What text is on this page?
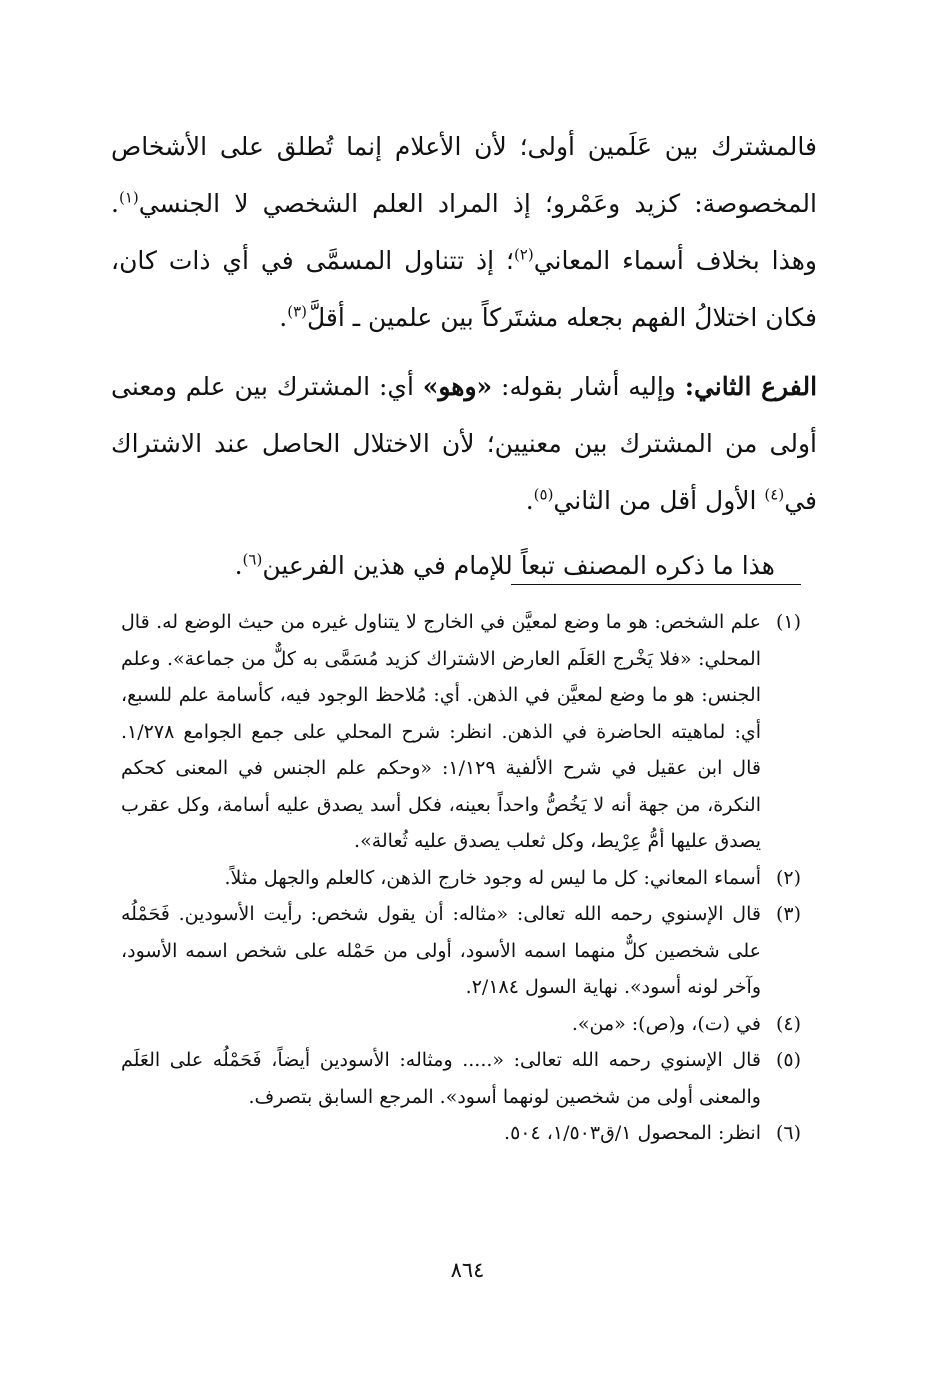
فالمشترك بين عَلَمين أولى؛ لأن الأعلام إنما تُطلق على الأشخاص المخصوصة: كزيد وعَمْرو؛ إذ المراد العلم الشخصي لا الجنسي$^{(١)}$. وهذا بخلاف أسماء المعاني$^{(٢)}$؛ إذ تتناول المسمَّى في أي ذات كان، فكان اختلالُ الفهم بجعله مشتَركاً بين علمين ـ أقلَّ$^{(٣)}$.

الفرع الثاني: وإليه أشار بقوله: «وهو» أي: المشترك بين علم ومعنى أولى من المشترك بين معنيين؛ لأن الاختلال الحاصل عند الاشتراك في$^{(٤)}$ الأول أقل من الثاني$^{(٥)}$.

هذا ما ذكره المصنف تبعاً للإمام في هذين الفرعين$^{(٦)}$.

(١)
علم الشخص: هو ما وضع لمعيَّن في الخارج لا يتناول غيره من حيث الوضع له. قال المحلي: «فلا يَخْرج العَلَم العارض الاشتراك كزيد مُسَمَّى به كلٌّ من جماعة». وعلم الجنس: هو ما وضع لمعيَّن في الذهن. أي: مُلاحظ الوجود فيه، كأسامة علم للسبع، أي: لماهيته الحاضرة في الذهن. انظر: شرح المحلي على جمع الجوامع ١/٢٧٨. قال ابن عقيل في شرح الألفية ١/١٢٩: «وحكم علم الجنس في المعنى كحكم النكرة، من جهة أنه لا يَخُصُّ واحداً بعينه، فكل أسد يصدق عليه أسامة، وكل عقرب يصدق عليها أمُّ عِرْيط، وكل ثعلب يصدق عليه ثُعالة».
(٢)
أسماء المعاني: كل ما ليس له وجود خارج الذهن، كالعلم والجهل مثلاً.
(٣)
قال الإسنوي رحمه الله تعالى: «مثاله: أن يقول شخص: رأيت الأسودين. فَحَمْلُه على شخصين كلٌّ منهما اسمه الأسود، أولى من حَمْله على شخص اسمه الأسود، وآخر لونه أسود». نهاية السول ٢/١٨٤.
(٤)
في (ت)، و(ص): «من».
(٥)
قال الإسنوي رحمه الله تعالى: «..... ومثاله: الأسودين أيضاً، فَحَمْلُه على العَلَم والمعنى أولى من شخصين لونهما أسود». المرجع السابق بتصرف.
(٦)
انظر: المحصول ١/ق١/٥٠٣، ٥٠٤.
٨٦٤
